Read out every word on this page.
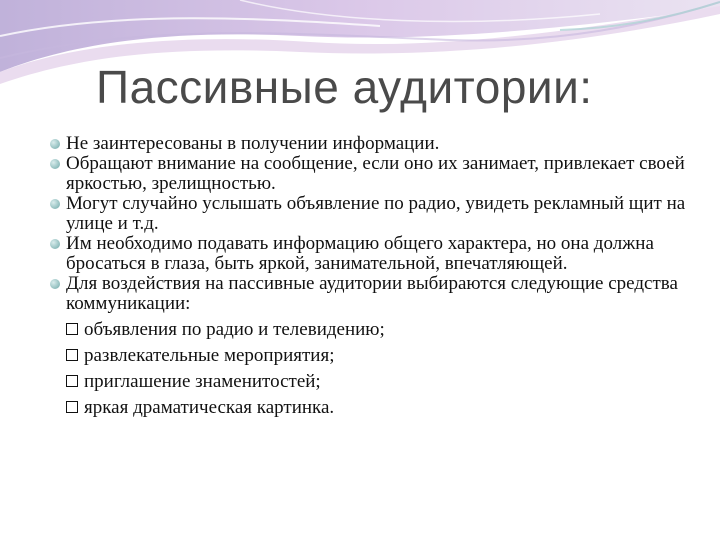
Пассивные аудитории:
Не заинтересованы в получении информации.
Обращают внимание на сообщение, если оно их занимает, привлекает своей яркостью, зрелищностью.
Могут случайно услышать объявление по радио, увидеть рекламный щит на улице и т.д.
Им необходимо подавать информацию общего характера, но она должна бросаться в глаза, быть яркой, занимательной, впечатляющей.
Для воздействия на пассивные аудитории выбираются следующие средства коммуникации:
объявления по радио и телевидению;
развлекательные мероприятия;
приглашение знаменитостей;
яркая драматическая картинка.
